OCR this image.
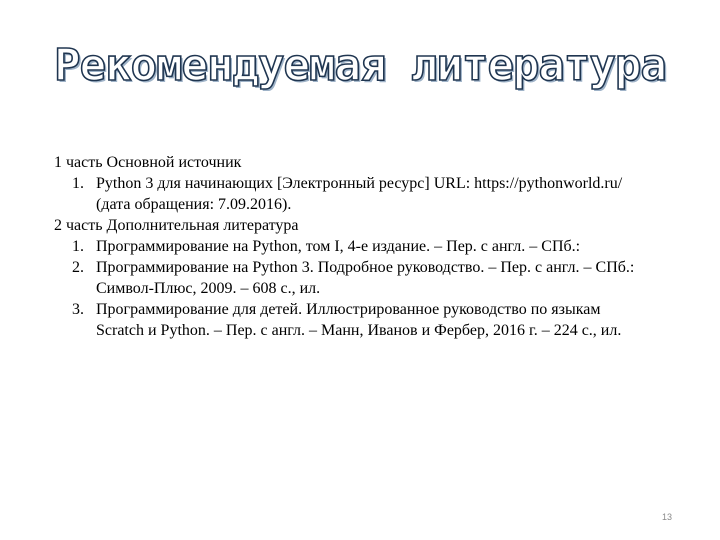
Рекомендуемая литература

1 часть Основной источник

1. Python 3 для начинающих [Электронный ресурс] URL: https://pythonworld.ru/
(дата обращения: 7.09.2016).

2 часть Дополнительная литература

1. Программирование на Python, том I, 4-е издание. – Пер. с англ. – СПб.:
2. Программирование на Python 3. Подробное руководство. – Пер. с англ. – СПб.:
Символ-Плюс, 2009. – 608 с., ил.
3. Программирование для детей. Иллюстрированное руководство по языкам
Scratch и Python. – Пер. с англ. – Манн, Иванов и Фербер, 2016 г. – 224 с., ил.
13
